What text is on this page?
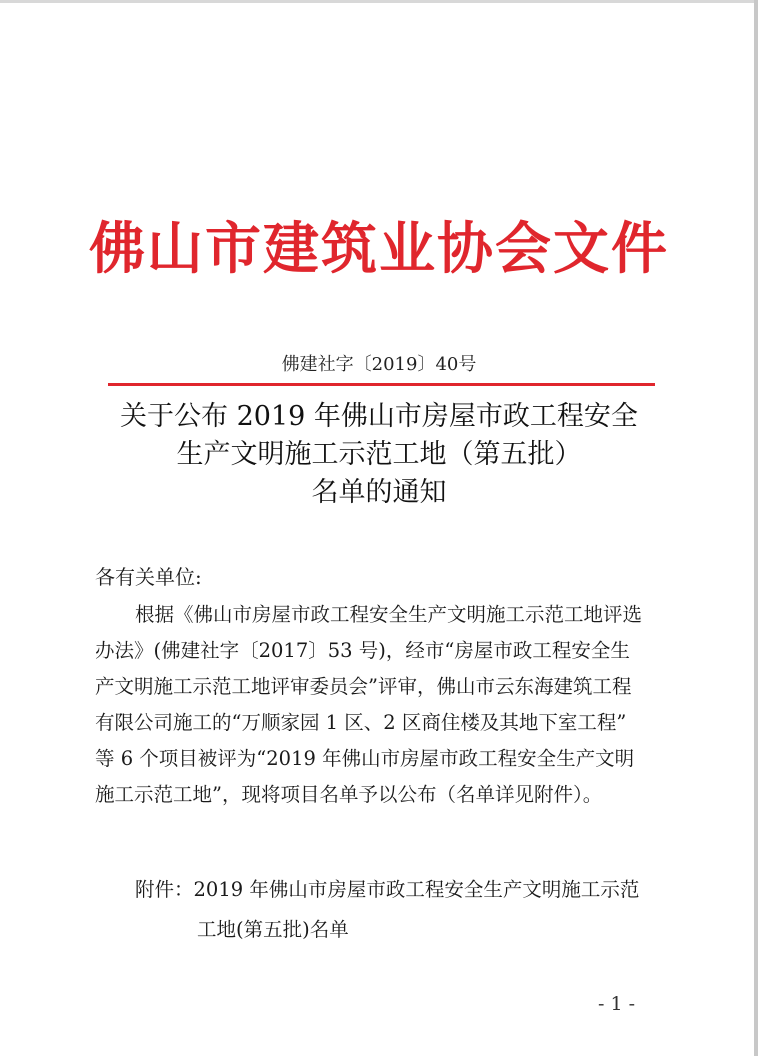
佛山市建筑业协会文件
佛建社字〔2019〕40号
关于公布 2019 年佛山市房屋市政工程安全
生产文明施工示范工地（第五批）
名单的通知
各有关单位:
根据《佛山市房屋市政工程安全生产文明施工示范工地评选
办法》(佛建社字〔2017〕53 号)，经市“房屋市政工程安全生
产文明施工示范工地评审委员会”评审，佛山市云东海建筑工程
有限公司施工的“万顺家园 1 区、2 区商住楼及其地下室工程”
等 6 个项目被评为“2019 年佛山市房屋市政工程安全生产文明
施工示范工地”，现将项目名单予以公布（名单详见附件）。
附件：2019 年佛山市房屋市政工程安全生产文明施工示范
工地(第五批)名单
- 1 -
